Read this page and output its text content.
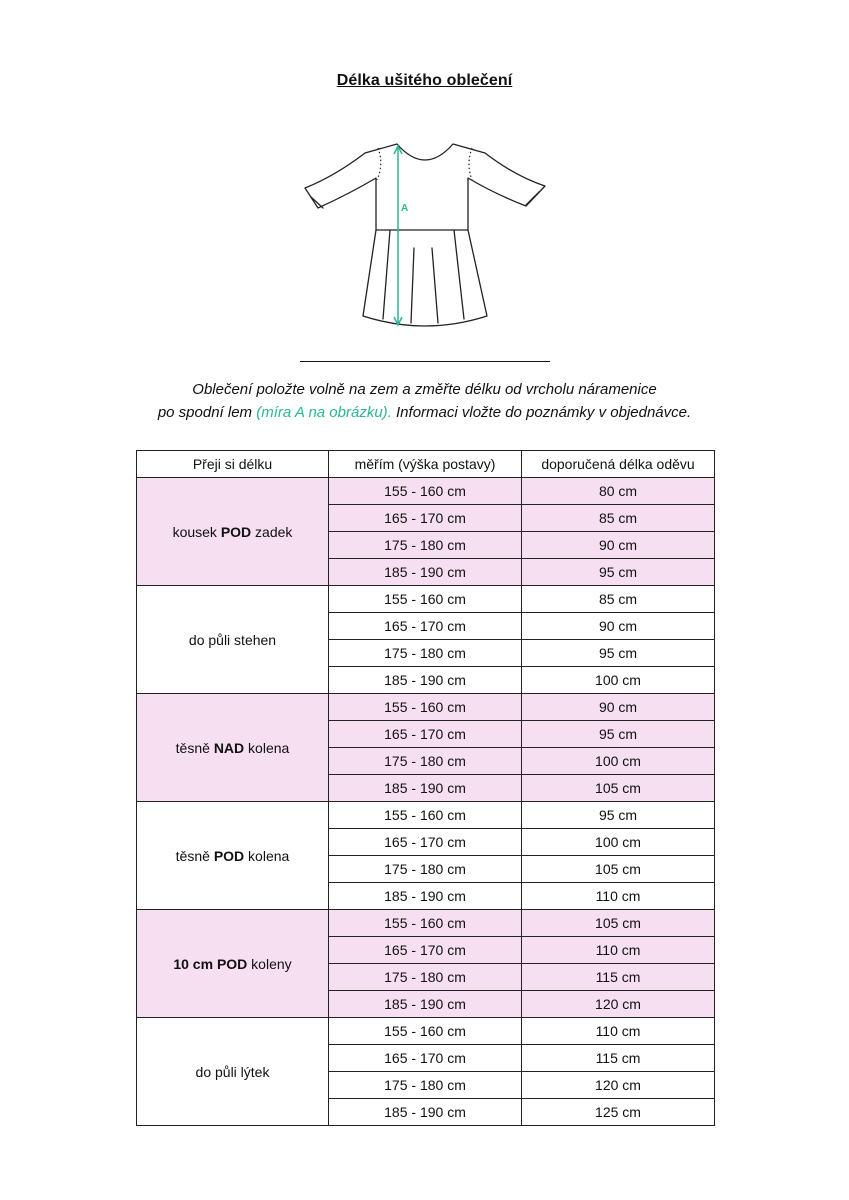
Délka ušitého oblečení
A
Oblečení položte volně na zem a změřte délku od vrcholu náramenice
po spodní lem (míra A na obrázku). Informaci vložte do poznámky v objednávce.
Přeji si délku	měřím (výška postavy)	doporučená délka oděvu
kousek POD zadek	155 - 160 cm	80 cm
	165 - 170 cm	85 cm
	175 - 180 cm	90 cm
	185 - 190 cm	95 cm
do půli stehen	155 - 160 cm	85 cm
	165 - 170 cm	90 cm
	175 - 180 cm	95 cm
	185 - 190 cm	100 cm
těsně NAD kolena	155 - 160 cm	90 cm
	165 - 170 cm	95 cm
	175 - 180 cm	100 cm
	185 - 190 cm	105 cm
těsně POD kolena	155 - 160 cm	95 cm
	165 - 170 cm	100 cm
	175 - 180 cm	105 cm
	185 - 190 cm	110 cm
10 cm POD koleny	155 - 160 cm	105 cm
	165 - 170 cm	110 cm
	175 - 180 cm	115 cm
	185 - 190 cm	120 cm
do půli lýtek	155 - 160 cm	110 cm
	165 - 170 cm	115 cm
	175 - 180 cm	120 cm
	185 - 190 cm	125 cm
